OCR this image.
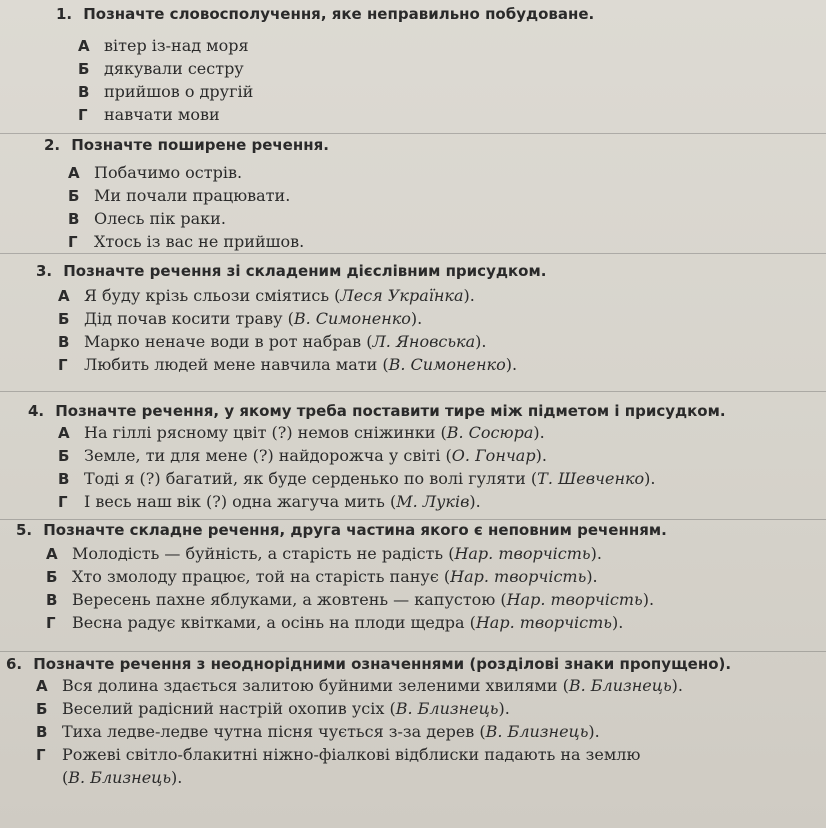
1. Позначте словосполучення, яке неправильно побудоване.
А вітер із-над моря
Б дякували сестру
В прийшов о другій
Г навчати мови
2. Позначте поширене речення.
А Побачимо острів.
Б Ми почали працювати.
В Олесь пік раки.
Г Хтось із вас не прийшов.
3. Позначте речення зі складеним дієслівним присудком.
А Я буду крізь сльози сміятись (Леся Українка).
Б Дід почав косити траву (В. Симоненко).
В Марко неначе води в рот набрав (Л. Яновська).
Г Любить людей мене навчила мати (В. Симоненко).
4. Позначте речення, у якому треба поставити тире між підметом і присудком.
А На гіллі рясному цвіт (?) немов сніжинки (В. Сосюра).
Б Земле, ти для мене (?) найдорожча у світі (О. Гончар).
В Тоді я (?) багатий, як буде серденько по волі гуляти (Т. Шевченко).
Г І весь наш вік (?) одна жагуча мить (М. Луків).
5. Позначте складне речення, друга частина якого є неповним реченням.
А Молодість — буйність, а старість не радість (Нар. творчість).
Б Хто змолоду працює, той на старість панує (Нар. творчість).
В Вересень пахне яблуками, а жовтень — капустою (Нар. творчість).
Г Весна радує квітками, а осінь на плоди щедра (Нар. творчість).
6. Позначте речення з неоднорідними означеннями (розділові знаки пропущено).
А Вся долина здається залитою буйними зеленими хвилями (В. Близнець).
Б Веселий радісний настрій охопив усіх (В. Близнець).
В Тиха ледве-ледве чутна пісня чується з-за дерев (В. Близнець).
Г Рожеві світло-блакитні ніжно-фіалкові відблиски падають на землю
(В. Близнець).
